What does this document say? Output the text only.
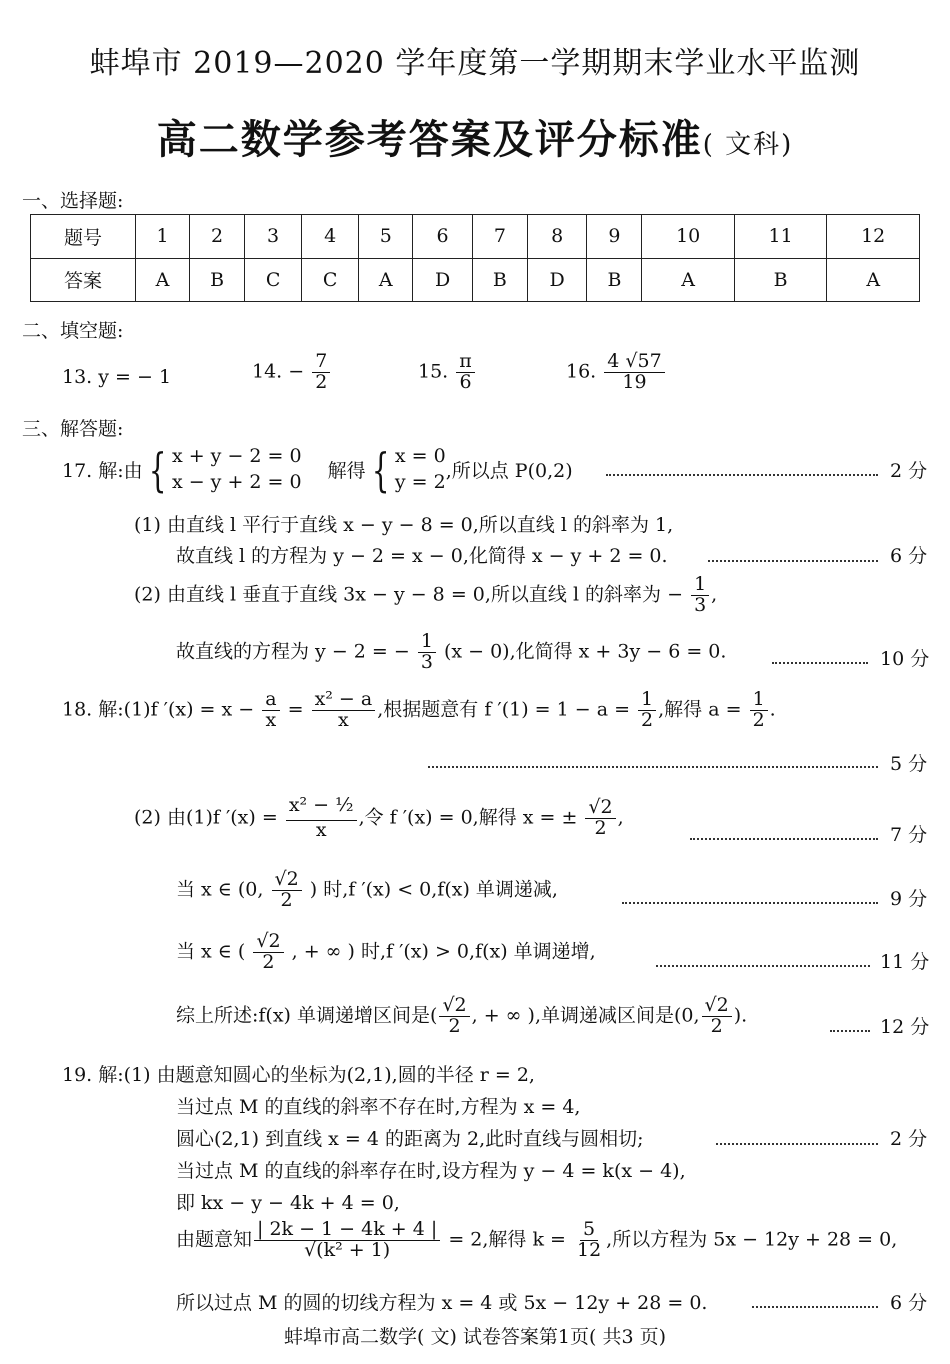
蚌埠市 2019—2020 学年度第一学期期末学业水平监测
高二数学参考答案及评分标准( 文科)
一、选择题:
题号	1	2	3	4	5	6	7	8	9	10	11	12
答案	A	B	C	C	A	D	B	D	B	A	B	A
二、填空题:
13. y = − 1	14. − $\frac{7}{2}$	15. $\frac{\pi}{6}$	16. $\frac{4 √57}{19}$
三、解答题:
17. 解:由 { x + y − 2 = 0
x − y + 2 = 0 解得 { x = 0
y = 2 ,所以点 P(0,2)	2 分
(1) 由直线 l 平行于直线 x − y − 8 = 0,所以直线 l 的斜率为 1,
故直线 l 的方程为 y − 2 = x − 0,化简得 x − y + 2 = 0.	6 分
(2) 由直线 l 垂直于直线 3x − y − 8 = 0,所以直线 l 的斜率为 − $\frac{1}{3}$ ,
故直线的方程为 y − 2 = − $\frac{1}{3} (x - 0)$,化简得 x + 3y − 6 = 0.	10 分
18. 解:(1)f $'(x) = x - \frac{a}{x} = \frac{\text{x² − a}}{x}$ ,根据题意有 f $'(1) = 1 - a = \frac{1}{2}$ ,解得 $a = \frac{1}{2}$ .
5 分
(2) 由(1)f $'(x) = \frac{\text{x² − ½}}{x}$ ,令 f ′(x) = 0,解得 x = ± $\frac{√2}{2}$ ,
7 分
当 x ∈ (0, $\frac{√2}{2}$ ) 时,f ′(x) < 0,f(x) 单调递减,	9 分
当 x ∈ ( $\frac{√2}{2}$ , + ∞ ) 时,f ′(x) > 0,f(x) 单调递增,	11 分
综上所述:f(x) 单调递增区间是( $\frac{√2}{2}$ , + ∞ ),单调递减区间是(0, $\frac{√2}{2}$ ).
12 分
19. 解:(1) 由题意知圆心的坐标为(2,1),圆的半径 r = 2,
当过点 M 的直线的斜率不存在时,方程为 x = 4,
圆心(2,1) 到直线 x = 4 的距离为 2,此时直线与圆相切;	2 分
当过点 M 的直线的斜率存在时,设方程为 y − 4 = k(x − 4),
即 kx − y − 4k + 4 = 0,
由题意知 $\frac{| 2k - 1 - 4k + 4 |}{\text{√(k² + 1)}} = 2$,解得 $k = \frac{5}{12}$ ,所以方程为 5x − 12y + 28 = 0,
所以过点 M 的圆的切线方程为 x = 4 或 5x − 12y + 28 = 0.	6 分
蚌埠市高二数学( 文) 试卷答案第1页( 共3 页)
